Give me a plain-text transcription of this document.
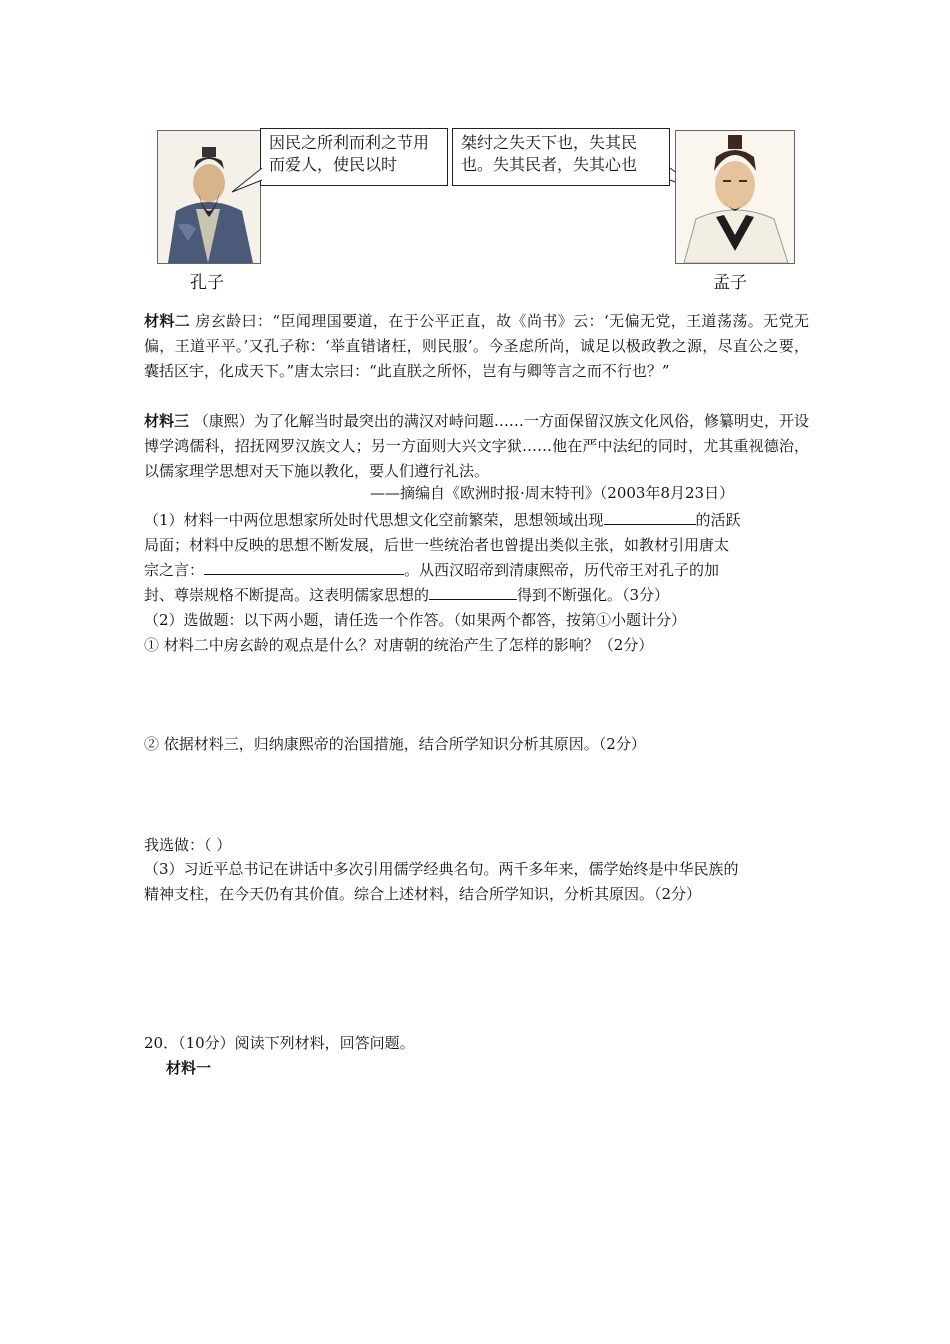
孔子
因民之所利而利之节用而爱人，使民以时
桀纣之失天下也，失其民也。失其民者，失其心也
孟子
材料二 房玄龄曰：“臣闻理国要道，在于公平正直，故《尚书》云：‘无偏无党，王道荡荡。无党无偏，王道平平。’又孔子称：‘举直错诸枉，则民服’。今圣虑所尚，诚足以极政教之源，尽直公之要，囊括区宇，化成天下。”唐太宗曰：“此直朕之所怀，岂有与卿等言之而不行也？”
材料三 （康熙）为了化解当时最突出的满汉对峙问题……一方面保留汉族文化风俗，修纂明史，开设博学鸿儒科，招抚网罗汉族文人；另一方面则大兴文字狱……他在严中法纪的同时，尤其重视德治，以儒家理学思想对天下施以教化，要人们遵行礼法。
——摘编自《欧洲时报·周末特刊》（2003年8月23日）
（1）材料一中两位思想家所处时代思想文化空前繁荣，思想领域出现	的活跃
局面；材料中反映的思想不断发展，后世一些统治者也曾提出类似主张，如教材引用唐太
宗之言：	。从西汉昭帝到清康熙帝，历代帝王对孔子的加
封、尊崇规格不断提高。这表明儒家思想的	得到不断强化。（3分）
（2）选做题：以下两小题，请任选一个作答。（如果两个都答，按第①小题计分）
① 材料二中房玄龄的观点是什么？对唐朝的统治产生了怎样的影响？（2分）
② 依据材料三，归纳康熙帝的治国措施，结合所学知识分析其原因。（2分）
我选做：（ ）
（3）习近平总书记在讲话中多次引用儒学经典名句。两千多年来，儒学始终是中华民族的
精神支柱，在今天仍有其价值。综合上述材料，结合所学知识，分析其原因。（2分）
20．（10分）阅读下列材料，回答问题。
材料一
